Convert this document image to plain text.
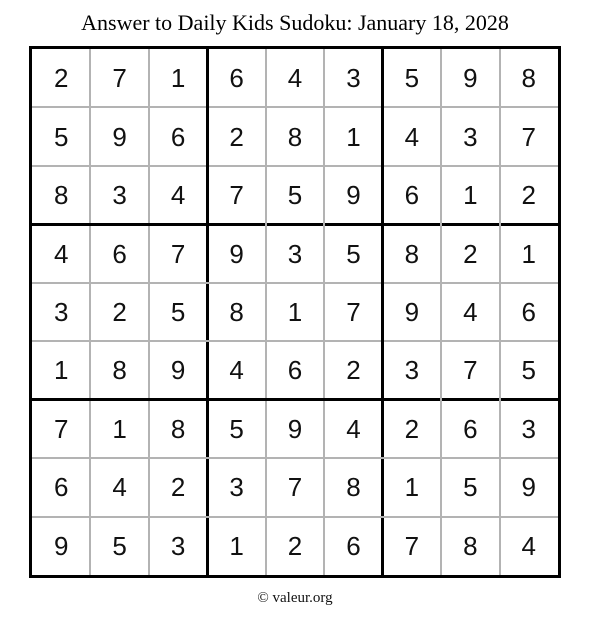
Answer to Daily Kids Sudoku: January 18, 2028
2	7	1	6	4	3	5	9	8
5	9	6	2	8	1	4	3	7
8	3	4	7	5	9	6	1	2
4	6	7	9	3	5	8	2	1
3	2	5	8	1	7	9	4	6
1	8	9	4	6	2	3	7	5
7	1	8	5	9	4	2	6	3
6	4	2	3	7	8	1	5	9
9	5	3	1	2	6	7	8	4
© valeur.org
